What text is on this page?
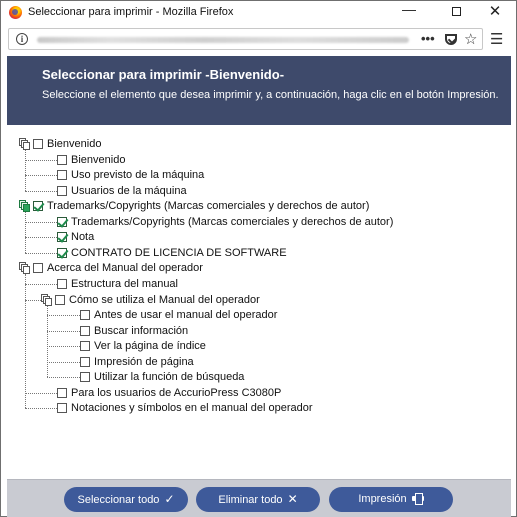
Seleccionar para imprimir - Mozilla Firefox	—	✕
i	••• ☆ ☰
Seleccionar para imprimir -Bienvenido-
Seleccione el elemento que desea imprimir y, a continuación, haga clic en el botón Impresión.
Bienvenido
Bienvenido
Uso previsto de la máquina
Usuarios de la máquina
Trademarks/Copyrights (Marcas comerciales y derechos de autor)
Trademarks/Copyrights (Marcas comerciales y derechos de autor)
Nota
CONTRATO DE LICENCIA DE SOFTWARE
Acerca del Manual del operador
Estructura del manual
Cómo se utiliza el Manual del operador
Antes de usar el manual del operador
Buscar información
Ver la página de índice
Impresión de página
Utilizar la función de búsqueda
Para los usuarios de AccurioPress C3080P
Notaciones y símbolos en el manual del operador
Seleccionar todo ✓	Eliminar todo ✕	Impresión
